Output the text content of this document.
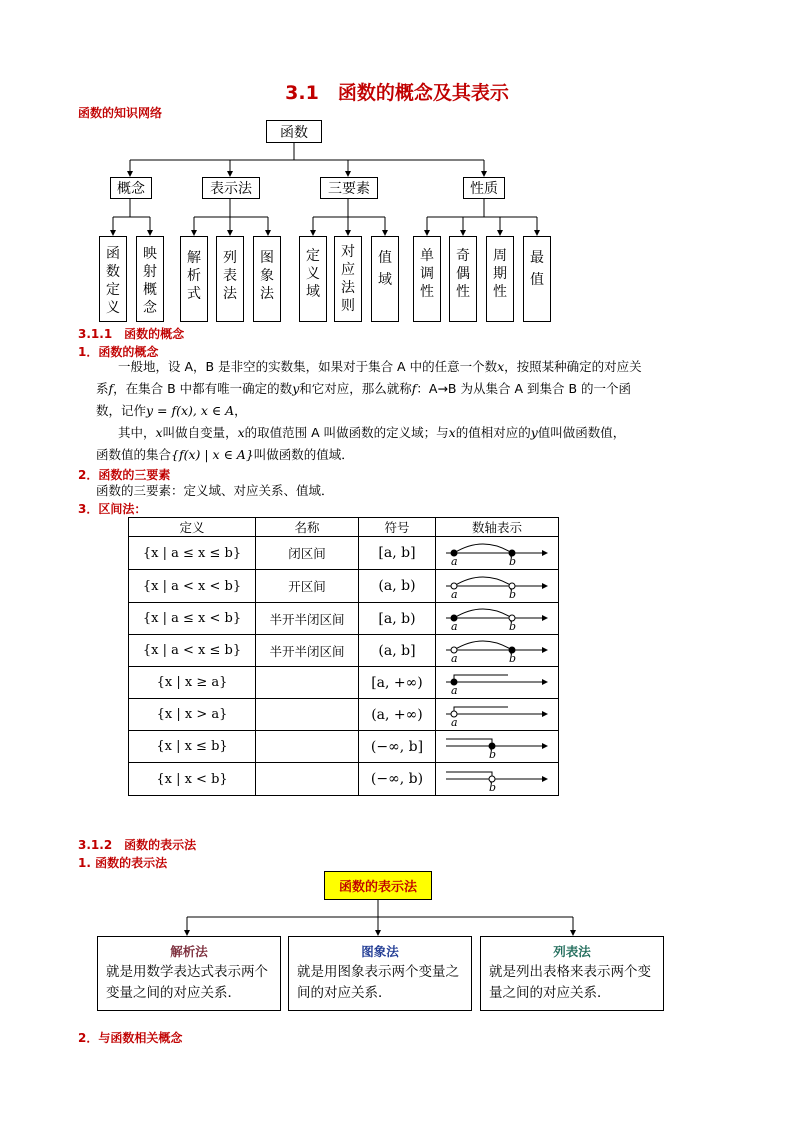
3.1　函数的概念及其表示
函数的知识网络
函数
概念	表示法	三要素	性质
函数定义
映射概念
解析式
列表法
图象法
定义域
对应法则
值　域
单调性
奇偶性
周期性
最　值
3.1.1　函数的概念
1．函数的概念
一般地，设 A，B 是非空的实数集，如果对于集合 A 中的任意一个数x，按照某种确定的对应关
系f，在集合 B 中都有唯一确定的数y和它对应，那么就称f：A→B 为从集合 A 到集合 B 的一个函
数，记作y = f(x), x ∈ A，
其中，x叫做自变量，x的取值范围 A 叫做函数的定义域；与x的值相对应的y值叫做函数值，
函数值的集合{f(x) | x ∈ A}叫做函数的值域．
2．函数的三要素
函数的三要素：定义域、对应关系、值域．
3．区间法：
定义	名称	符号	数轴表示
{x | a ≤ x ≤ b}	闭区间	[a, b]	a b

{x | a < x < b}	开区间	(a, b)	a b

{x | a ≤ x < b}	半开半闭区间	[a, b)	a b

{x | a < x ≤ b}	半开半闭区间	(a, b]	a b

{x | x ≥ a}		[a, +∞)	a

{x | x > a}		(a, +∞)	a

{x | x ≤ b}		(−∞, b]	b

{x | x < b}		(−∞, b)	b
3.1.2　函数的表示法
1. 函数的表示法
函数的表示法
解析法
就是用数学表达式表示两个变量之间的对应关系．
图象法
就是用图象表示两个变量之间的对应关系．
列表法
就是列出表格来表示两个变量之间的对应关系．
2．与函数相关概念
